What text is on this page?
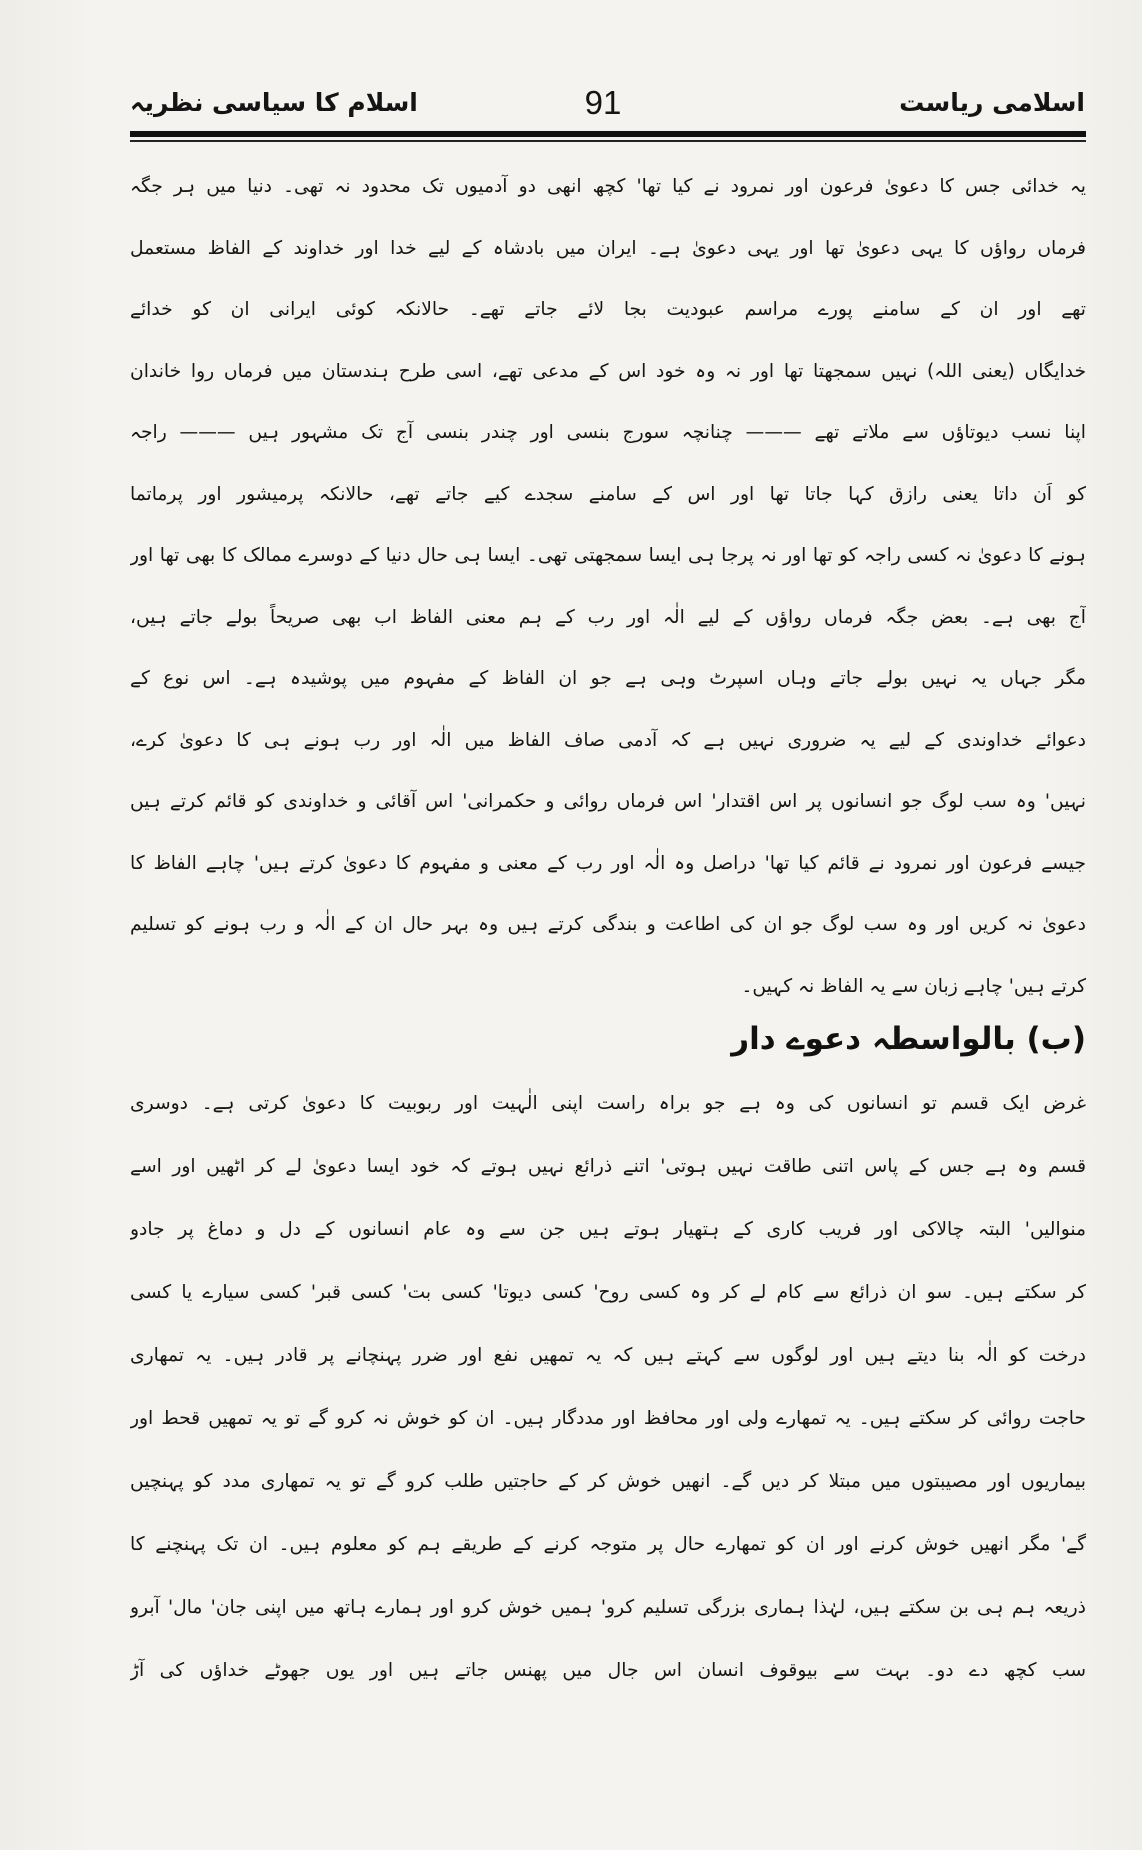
اسلامی ریاست
91
اسلام کا سیاسی نظریہ
یہ خدائی جس کا دعویٰ فرعون اور نمرود نے کیا تھا' کچھ انھی دو آدمیوں تک محدود نہ تھی۔ دنیا میں ہر جگہ
فرماں رواؤں کا یہی دعویٰ تھا اور یہی دعویٰ ہے۔ ایران میں بادشاہ کے لیے خدا اور خداوند کے الفاظ مستعمل
تھے اور ان کے سامنے پورے مراسم عبودیت بجا لائے جاتے تھے۔ حالانکہ کوئی ایرانی ان کو خدائے
خدایگاں (یعنی اللہ) نہیں سمجھتا تھا اور نہ وہ خود اس کے مدعی تھے، اسی طرح ہندستان میں فرماں روا خاندان
اپنا نسب دیوتاؤں سے ملاتے تھے ——— چنانچہ سورج بنسی اور چندر بنسی آج تک مشہور ہیں ——— راجہ
کو اَن داتا یعنی رازق کہا جاتا تھا اور اس کے سامنے سجدے کیے جاتے تھے، حالانکہ پرمیشور اور پرماتما
ہونے کا دعویٰ نہ کسی راجہ کو تھا اور نہ پرجا ہی ایسا سمجھتی تھی۔ ایسا ہی حال دنیا کے دوسرے ممالک کا بھی تھا اور
آج بھی ہے۔ بعض جگہ فرماں رواؤں کے لیے الٰہ اور رب کے ہم معنی الفاظ اب بھی صریحاً بولے جاتے ہیں،
مگر جہاں یہ نہیں بولے جاتے وہاں اسپرٹ وہی ہے جو ان الفاظ کے مفہوم میں پوشیدہ ہے۔ اس نوع کے
دعوائے خداوندی کے لیے یہ ضروری نہیں ہے کہ آدمی صاف الفاظ میں الٰہ اور رب ہونے ہی کا دعویٰ کرے،
نہیں' وہ سب لوگ جو انسانوں پر اس اقتدار' اس فرماں روائی و حکمرانی' اس آقائی و خداوندی کو قائم کرتے ہیں
جیسے فرعون اور نمرود نے قائم کیا تھا' دراصل وہ الٰہ اور رب کے معنی و مفہوم کا دعویٰ کرتے ہیں' چاہے الفاظ کا
دعویٰ نہ کریں اور وہ سب لوگ جو ان کی اطاعت و بندگی کرتے ہیں وہ بہر حال ان کے الٰہ و رب ہونے کو تسلیم
کرتے ہیں' چاہے زبان سے یہ الفاظ نہ کہیں۔
(ب) بالواسطہ دعوے دار
غرض ایک قسم تو انسانوں کی وہ ہے جو براہ راست اپنی الٰہیت اور ربوبیت کا دعویٰ کرتی ہے۔ دوسری
قسم وہ ہے جس کے پاس اتنی طاقت نہیں ہوتی' اتنے ذرائع نہیں ہوتے کہ خود ایسا دعویٰ لے کر اٹھیں اور اسے
منوالیں' البتہ چالاکی اور فریب کاری کے ہتھیار ہوتے ہیں جن سے وہ عام انسانوں کے دل و دماغ پر جادو
کر سکتے ہیں۔ سو ان ذرائع سے کام لے کر وہ کسی روح' کسی دیوتا' کسی بت' کسی قبر' کسی سیارے یا کسی
درخت کو الٰہ بنا دیتے ہیں اور لوگوں سے کہتے ہیں کہ یہ تمھیں نفع اور ضرر پہنچانے پر قادر ہیں۔ یہ تمھاری
حاجت روائی کر سکتے ہیں۔ یہ تمھارے ولی اور محافظ اور مددگار ہیں۔ ان کو خوش نہ کرو گے تو یہ تمھیں قحط اور
بیماریوں اور مصیبتوں میں مبتلا کر دیں گے۔ انھیں خوش کر کے حاجتیں طلب کرو گے تو یہ تمھاری مدد کو پہنچیں
گے' مگر انھیں خوش کرنے اور ان کو تمھارے حال پر متوجہ کرنے کے طریقے ہم کو معلوم ہیں۔ ان تک پہنچنے کا
ذریعہ ہم ہی بن سکتے ہیں، لہٰذا ہماری بزرگی تسلیم کرو' ہمیں خوش کرو اور ہمارے ہاتھ میں اپنی جان' مال' آبرو
سب کچھ دے دو۔ بہت سے بیوقوف انسان اس جال میں پھنس جاتے ہیں اور یوں جھوٹے خداؤں کی آڑ
